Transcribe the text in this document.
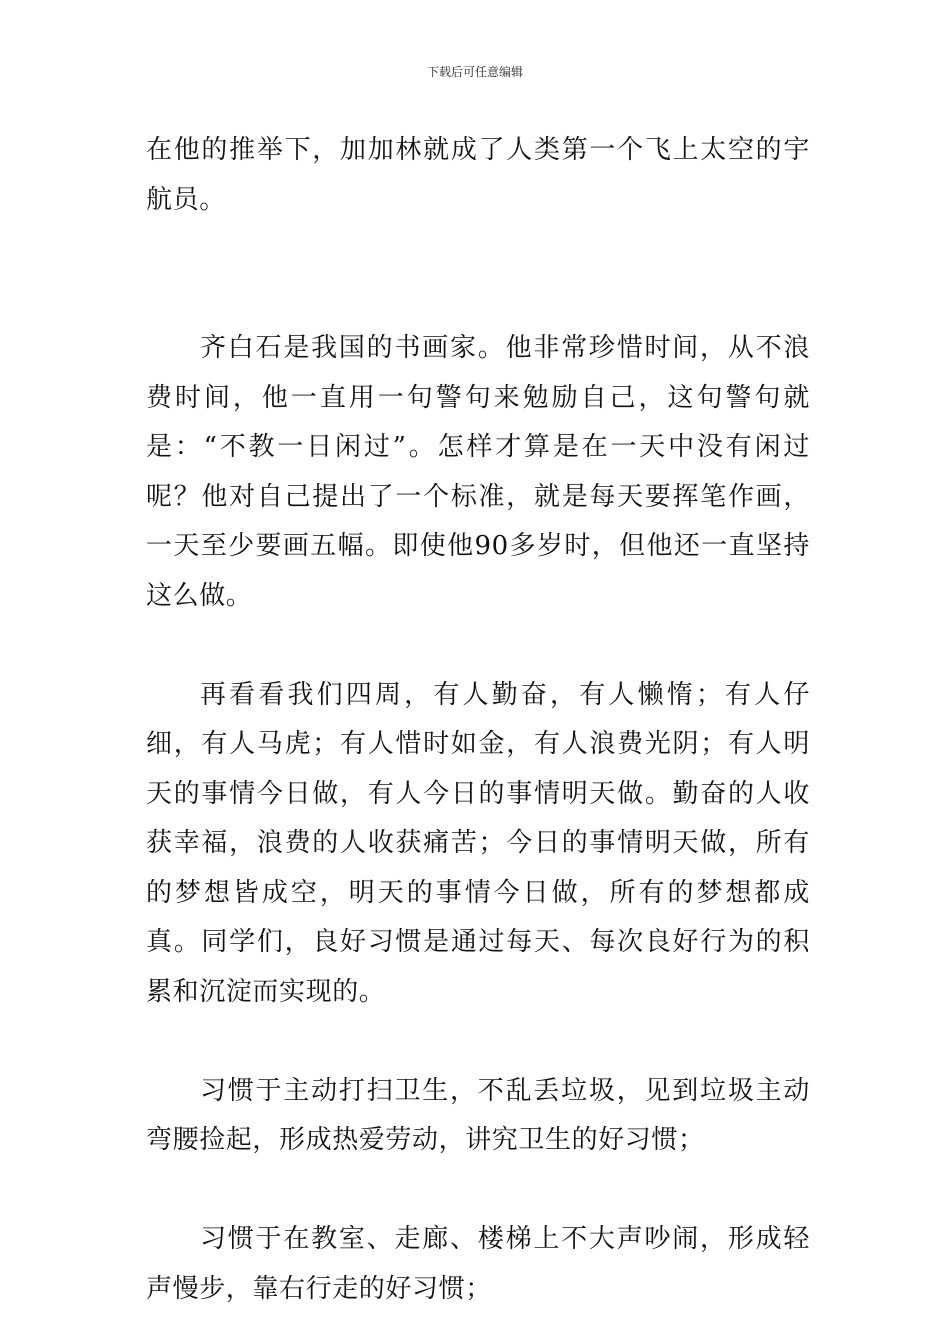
下载后可任意编辑

在他的推举下，加加林就成了人类第一个飞上太空的宇航员。

齐白石是我国的书画家。他非常珍惜时间，从不浪费时间，他一直用一句警句来勉励自己，这句警句就是：“不教一日闲过”。怎样才算是在一天中没有闲过呢？他对自己提出了一个标准，就是每天要挥笔作画，一天至少要画五幅。即使他90多岁时，但他还一直坚持这么做。

再看看我们四周，有人勤奋，有人懒惰；有人仔细，有人马虎；有人惜时如金，有人浪费光阴；有人明天的事情今日做，有人今日的事情明天做。勤奋的人收获幸福，浪费的人收获痛苦；今日的事情明天做，所有的梦想皆成空，明天的事情今日做，所有的梦想都成真。同学们，良好习惯是通过每天、每次良好行为的积累和沉淀而实现的。

习惯于主动打扫卫生，不乱丢垃圾，见到垃圾主动弯腰捡起，形成热爱劳动，讲究卫生的好习惯；

习惯于在教室、走廊、楼梯上不大声吵闹，形成轻声慢步，靠右行走的好习惯；
